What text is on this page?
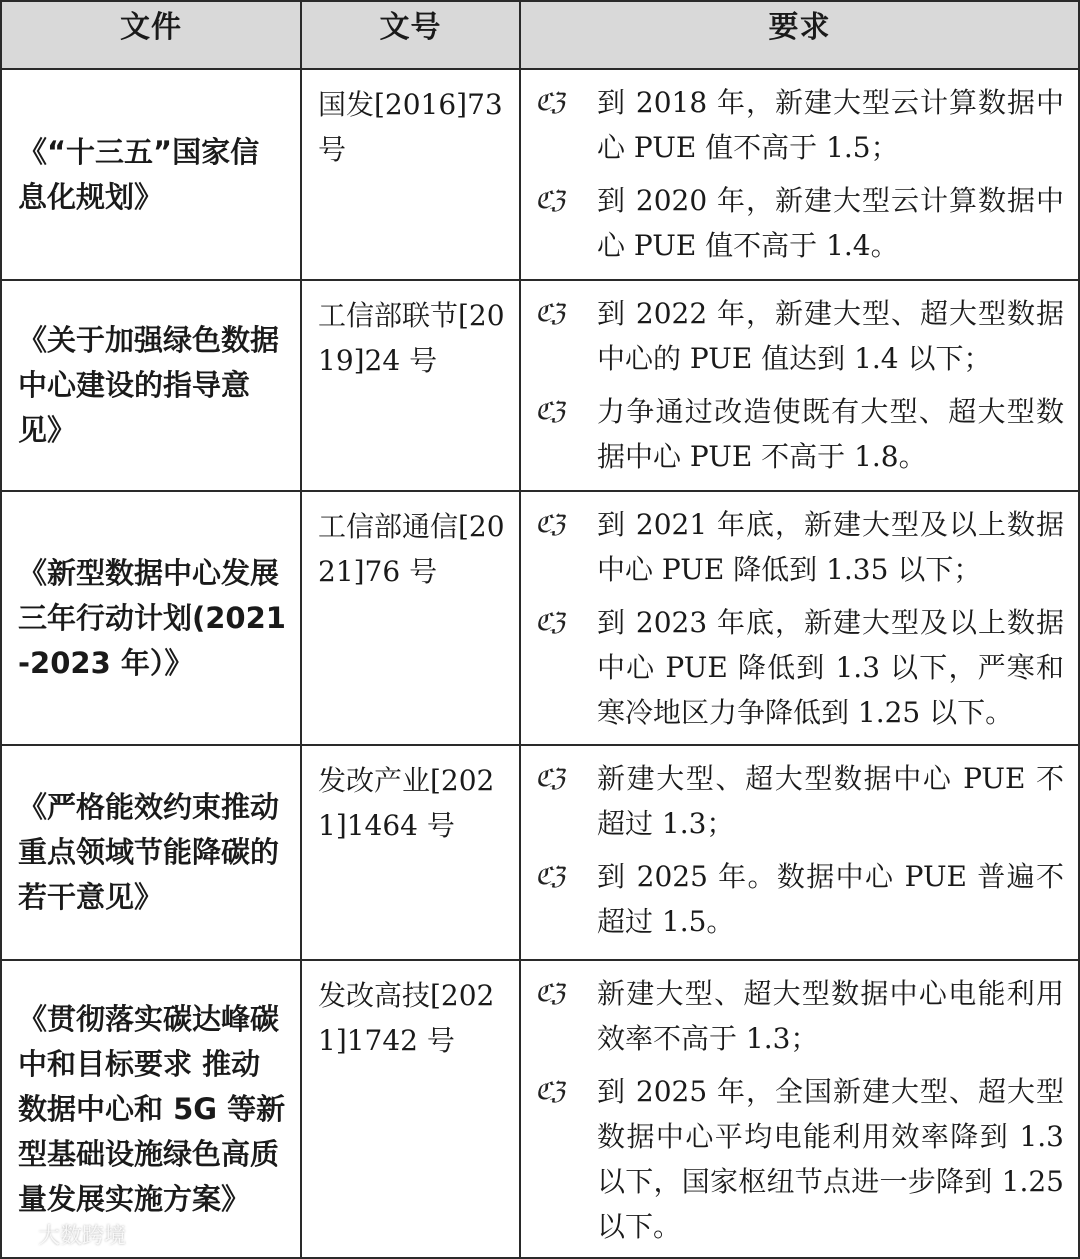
文件	文号	要求
《“十三五”国家信息化规划》	国发[2016]73号	ℭℨ 到 2018 年，新建大型云计算数据中心 PUE 值不高于 1.5；
ℭℨ 到 2020 年，新建大型云计算数据中心 PUE 值不高于 1.4。

《关于加强绿色数据中心建设的指导意见》	工信部联节[2019]24 号	ℭℨ 到 2022 年，新建大型、超大型数据中心的 PUE 值达到 1.4 以下；
ℭℨ 力争通过改造使既有大型、超大型数据中心 PUE 不高于 1.8。

《新型数据中心发展三年行动计划(2021-2023 年）》	工信部通信[2021]76 号	ℭℨ 到 2021 年底，新建大型及以上数据中心 PUE 降低到 1.35 以下；
ℭℨ 到 2023 年底，新建大型及以上数据中心 PUE 降低到 1.3 以下，严寒和寒冷地区力争降低到 1.25 以下。

《严格能效约束推动重点领域节能降碳的若干意见》	发改产业[2021]1464 号	ℭℨ 新建大型、超大型数据中心 PUE 不超过 1.3；
ℭℨ 到 2025 年。数据中心 PUE 普遍不超过 1.5。

《贯彻落实碳达峰碳中和目标要求 推动数据中心和 5G 等新型基础设施绿色高质量发展实施方案》	发改高技[2021]1742 号	ℭℨ 新建大型、超大型数据中心电能利用效率不高于 1.3；
ℭℨ 到 2025 年，全国新建大型、超大型数据中心平均电能利用效率降到 1.3 以下，国家枢纽节点进一步降到 1.25 以下。
大数跨境
